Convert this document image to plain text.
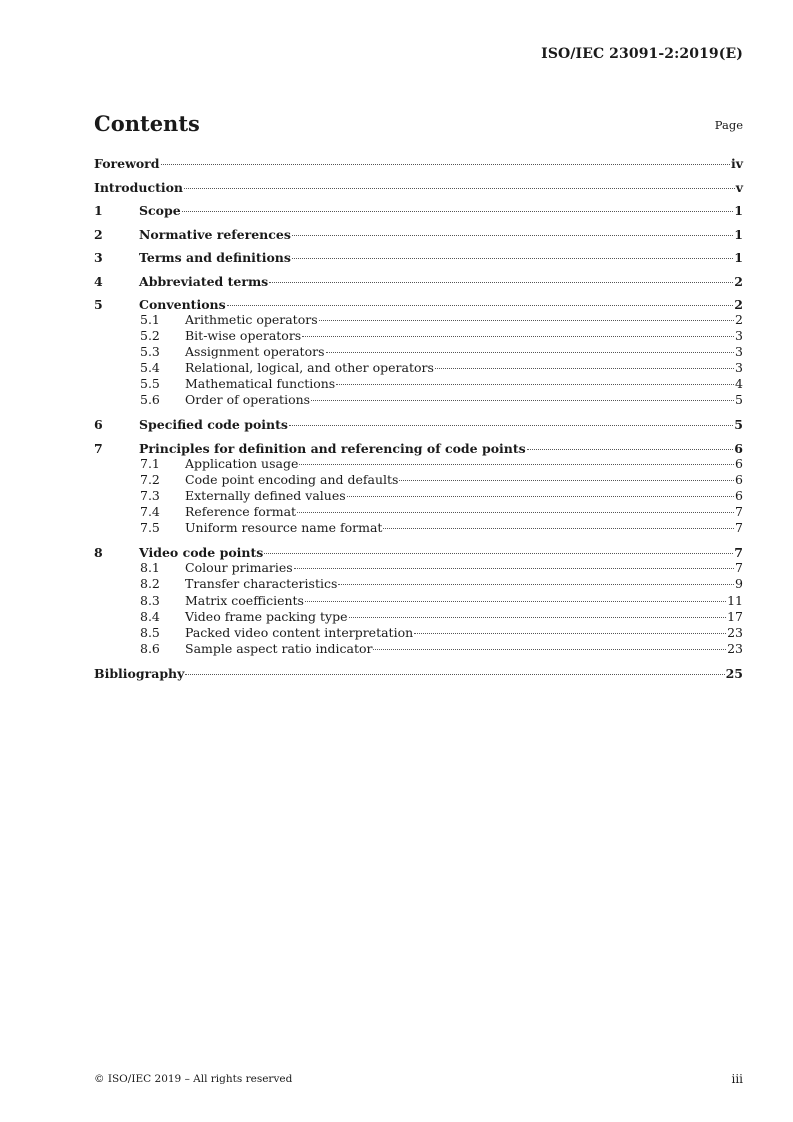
ISO/IEC 23091-2:2019(E)
Contents	Page
Foreword	iv
Introduction	v
1	Scope	1
2	Normative references	1
3	Terms and definitions	1
4	Abbreviated terms	2
5	Conventions	2
5.1	Arithmetic operators	2
5.2	Bit-wise operators	3
5.3	Assignment operators	3
5.4	Relational, logical, and other operators	3
5.5	Mathematical functions	4
5.6	Order of operations	5
6	Specified code points	5
7	Principles for definition and referencing of code points	6
7.1	Application usage	6
7.2	Code point encoding and defaults	6
7.3	Externally defined values	6
7.4	Reference format	7
7.5	Uniform resource name format	7
8	Video code points	7
8.1	Colour primaries	7
8.2	Transfer characteristics	9
8.3	Matrix coefficients	11
8.4	Video frame packing type	17
8.5	Packed video content interpretation	23
8.6	Sample aspect ratio indicator	23
Bibliography	25
© ISO/IEC 2019 – All rights reserved	iii
